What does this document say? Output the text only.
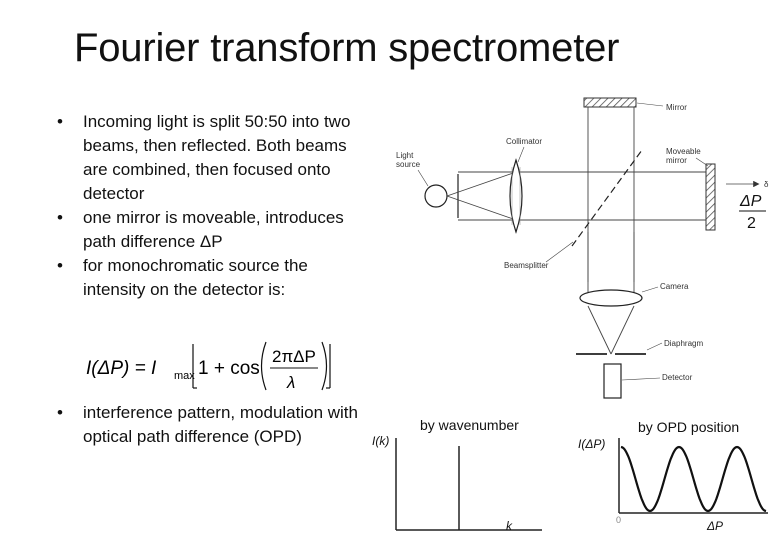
Fourier transform spectrometer
• Incoming light is split 50:50 into two beams, then reflected. Both beams are combined, then focused onto detector
• one mirror is moveable, introduces path difference ΔP
• for monochromatic source the intensity on the detector is:
I(ΔP) = I max 1 + cos
2πΔP
λ
• interference pattern, modulation with optical path difference (OPD)
Mirror
Moveable
mirror
Light
source
Collimator
Beamsplitter
δ
ΔP
2
Camera
Diaphragm
Detector
I(k)
by wavenumber
k
I(ΔP)
by OPD position
0	ΔP
